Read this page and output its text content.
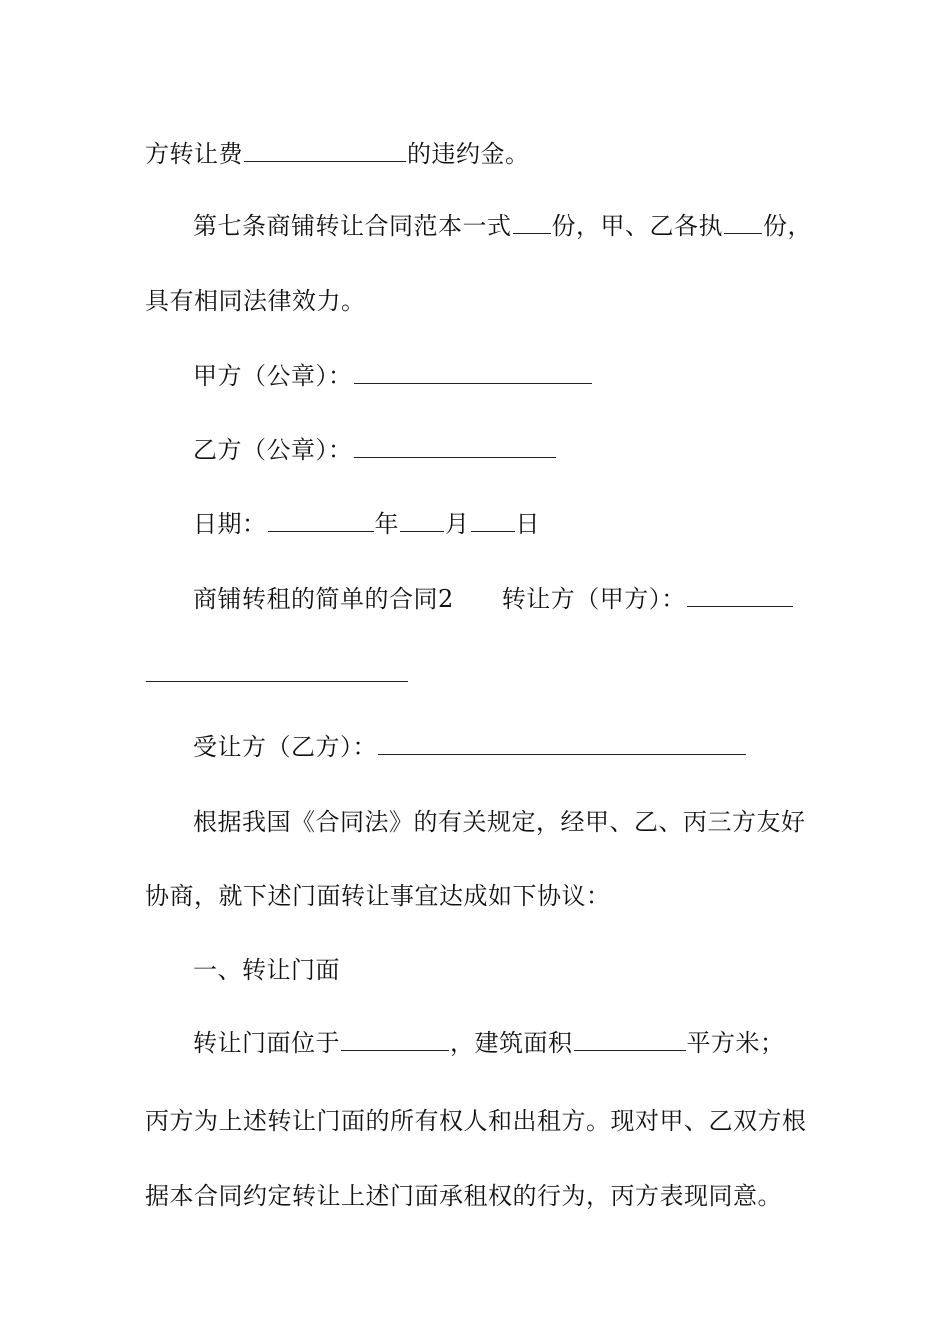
方转让费	的违约金。
第七条商铺转让合同范本一式 份，甲、乙各执 份，
具有相同法律效力。
甲方（公章）：
乙方（公章）：
日期：	年 月 日
商铺转租的简单的合同2 转让方（甲方）：
受让方（乙方）：
根据我国《合同法》的有关规定，经甲、乙、丙三方友好
协商，就下述门面转让事宜达成如下协议：
一、转让门面
转让门面位于	，建筑面积	平方米；
丙方为上述转让门面的所有权人和出租方。现对甲、乙双方根
据本合同约定转让上述门面承租权的行为，丙方表现同意。
